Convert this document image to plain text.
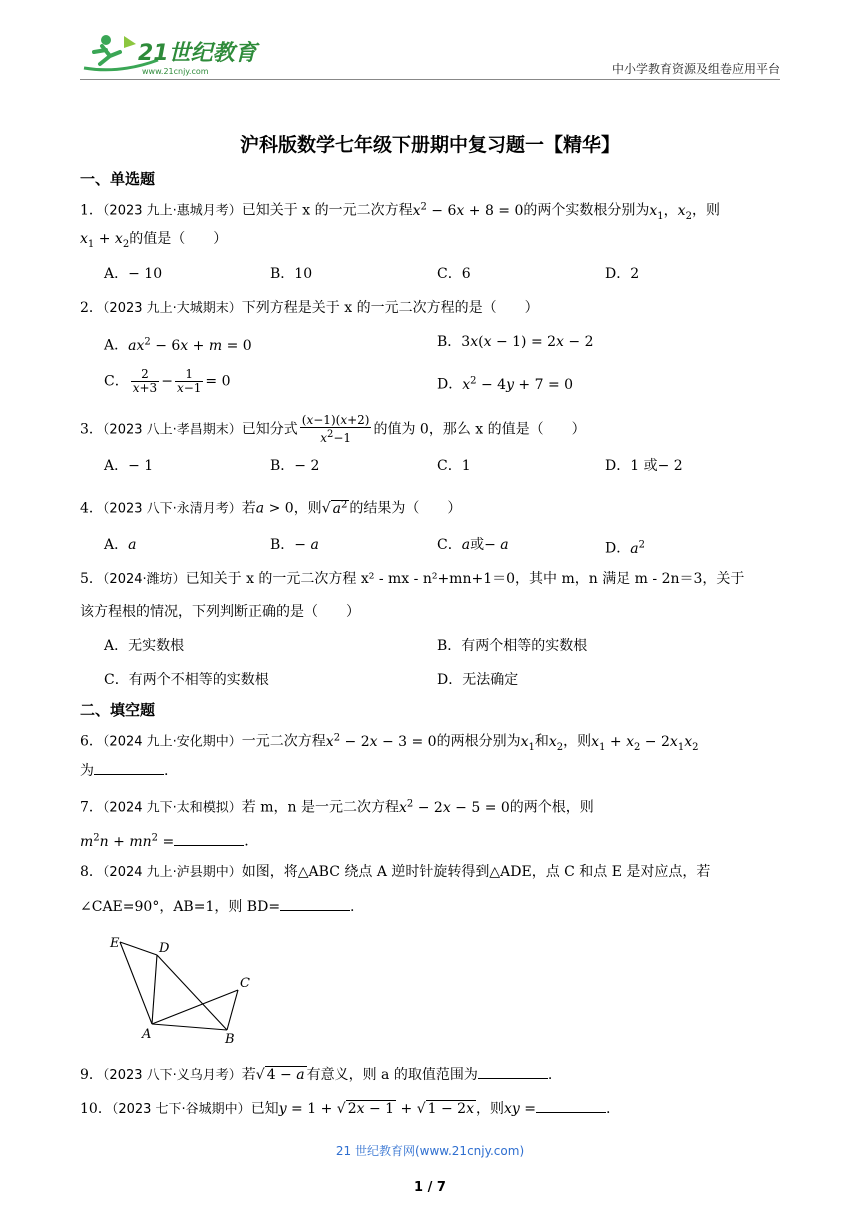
21世纪教育
www.21cnjy.com	中小学教育资源及组卷应用平台
沪科版数学七年级下册期中复习题一【精华】
一、单选题
1．（2023 九上·惠城月考）已知关于 x 的一元二次方程$x^2 - 6x + 8 = 0$的两个实数根分别为$x_1$，$x_2$，则
$x_1 + x_2$的值是（　　）
A．− 10	B．10	C．6	D．2
2．（2023 九上·大城期末）下列方程是关于 x 的一元二次方程的是（　　）
A．$ax^2 - 6x + m = 0$	B．3x(x − 1) = 2x − 2
C． $\frac{2}{x+3} - \frac{1}{x-1} = 0$	D．$x^2 - 4y + 7 = 0$
3．（2023 八上·孝昌期末）已知分式 $\frac{(x-1)(x+2)}{x^2-1}$ 的值为 0，那么 x 的值是（　　）
A．− 1	B．− 2	C．1	D．1 或− 2
4．（2023 八下·永清月考）若a > 0，则√ $a^2$ 的结果为（　　）
A．a	B．− a	C．a或− a	D．$a^2$
5．（2024·潍坊）已知关于 x 的一元二次方程 x² - mx - n²+mn+1＝0，其中 m，n 满足 m - 2n＝3，关于
该方程根的情况，下列判断正确的是（　　）
A．无实数根	B．有两个相等的实数根
C．有两个不相等的实数根	D．无法确定
二、填空题
6．（2024 九上·安化期中）一元二次方程$x^2 - 2x - 3 = 0$的两根分别为$x_1$和$x_2$，则$x_1 + x_2 - 2x_1x_2$
为	.
7．（2024 九下·太和模拟）若 m，n 是一元二次方程$x^2 - 2x - 5 = 0$的两个根，则
$m^2n + mn^2$ =	.
8．（2024 九上·泸县期中）如图，将△ABC 绕点 A 逆时针旋转得到△ADE，点 C 和点 E 是对应点，若
∠CAE=90°，AB=1，则 BD=	.
E	D
C
A	B
9．（2023 八下·义乌月考）若√ 4 − a 有意义，则 a 的取值范围为	.
10．（2023 七下·谷城期中）已知y = 1 + √ 2x − 1 + √ 1 − 2x ，则xy =	.
21 世纪教育网(www.21cnjy.com)
1 / 7
